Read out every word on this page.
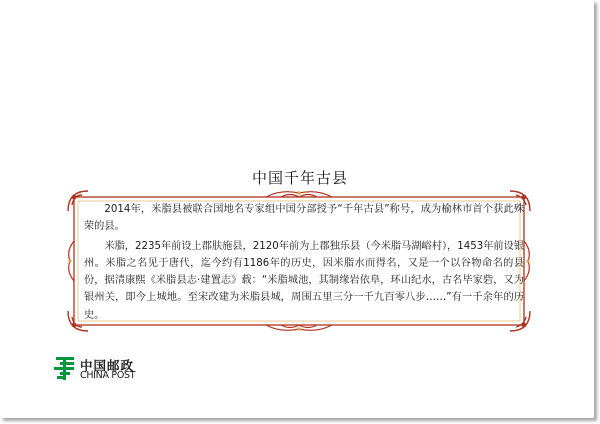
中国千年古县

2014年，米脂县被联合国地名专家组中国分部授予“千年古县”称号，成为榆林市首个获此殊荣的县。

米脂，2235年前设上郡肤施县，2120年前为上郡独乐县（今米脂马湖峪村），1453年前设银州。米脂之名见于唐代，迄今约有1186年的历史，因米脂水而得名，又是一个以谷物命名的县份，据清康熙《米脂县志·建置志》载：“米脂城池，其制缘岩依阜，环山纪水，古名毕家砦，又为银州关，即今上城地。至宋改建为米脂县城，周围五里三分一千九百零八步……”有一千余年的历史。

中国邮政
CHINA POST
